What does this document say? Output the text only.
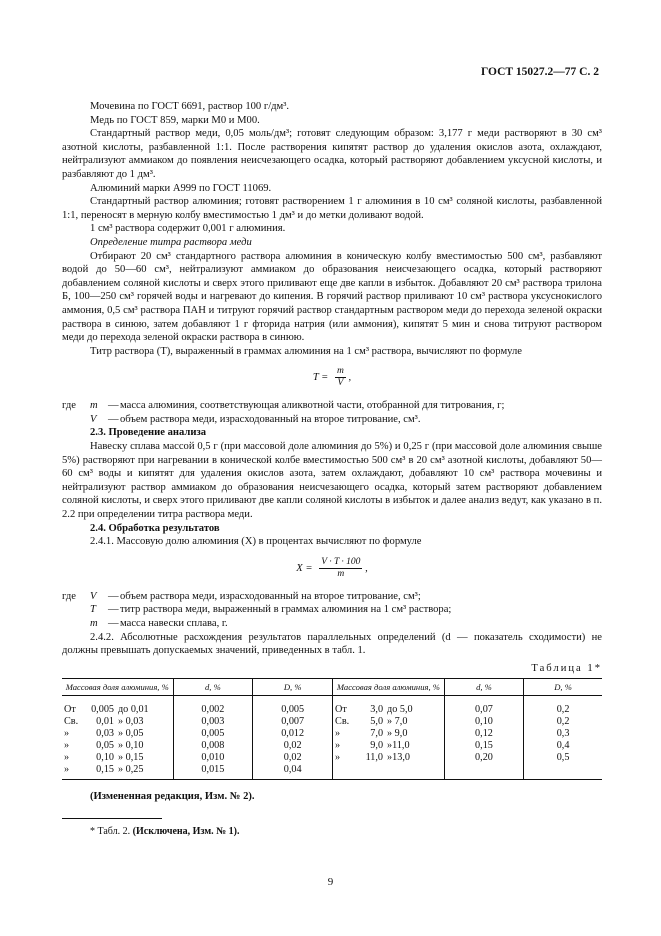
ГОСТ 15027.2—77 С. 2

Мочевина по ГОСТ 6691, раствор 100 г/дм³.

Медь по ГОСТ 859, марки М0 и М00.

Стандартный раствор меди, 0,05 моль/дм³; готовят следующим образом: 3,177 г меди растворяют в 30 см³ азотной кислоты, разбавленной 1:1. После растворения кипятят раствор до удаления окислов азота, охлаждают, нейтрализуют аммиаком до появления неисчезающего осадка, который растворяют добавлением уксусной кислоты, и разбавляют до 1 дм³.

Алюминий марки А999 по ГОСТ 11069.

Стандартный раствор алюминия; готовят растворением 1 г алюминия в 10 см³ соляной кислоты, разбавленной 1:1, переносят в мерную колбу вместимостью 1 дм³ и до метки доливают водой.

1 см³ раствора содержит 0,001 г алюминия.

Определение титра раствора меди

Отбирают 20 см³ стандартного раствора алюминия в коническую колбу вместимостью 500 см³, разбавляют водой до 50—60 см³, нейтрализуют аммиаком до образования неисчезающего осадка, который растворяют добавлением соляной кислоты и сверх этого приливают еще две капли в избыток. Добавляют 20 см³ раствора трилона Б, 100—250 см³ горячей воды и нагревают до кипения. В горячий раствор приливают 10 см³ раствора уксуснокислого аммония, 0,5 см³ раствора ПАН и титруют горячий раствор стандартным раствором меди до перехода зеленой окраски раствора в синюю, затем добавляют 1 г фторида натрия (или аммония), кипятят 5 мин и снова титруют раствором меди до перехода зеленой окраски раствора в синюю.

Титр раствора (T), выраженный в граммах алюминия на 1 см³ раствора, вычисляют по формуле

$T = \frac{m}{V}$ ,
где	m — масса алюминия, соответствующая аликвотной части, отобранной для титрования, г;
V	— объем раствора меди, израсходованный на второе титрование, см³.

2.3. Проведение анализа

Навеску сплава массой 0,5 г (при массовой доле алюминия до 5%) и 0,25 г (при массовой доле алюминия свыше 5%) растворяют при нагревании в конической колбе вместимостью 500 см³ в 20 см³ азотной кислоты, добавляют 50—60 см³ воды и кипятят для удаления окислов азота, затем охлаждают, добавляют 10 см³ раствора мочевины и нейтрализуют раствор аммиаком до образования неисчезающего осадка, который затем растворяют добавлением соляной кислоты, и сверх этого приливают две капли соляной кислоты в избыток и далее анализ ведут, как указано в п. 2.2 при определении титра раствора меди.

2.4. Обработка результатов

2.4.1. Массовую долю алюминия (X) в процентах вычисляют по формуле

$X = \frac{V \cdot T \cdot 100}{m}$ ,
где	V	— объем раствора меди, израсходованный на второе титрование, см³;
T	— титр раствора меди, выраженный в граммах алюминия на 1 см³ раствора;
m — масса навески сплава, г.

2.4.2. Абсолютные расхождения результатов параллельных определений (d — показатель сходимости) не должны превышать допускаемых значений, приведенных в табл. 1.

Таблица 1*
Массовая доля алюминия, %	d, %	D, %	Массовая доля алюминия, %	d, %	D, %

От 0,005 до 0,01	0,002	0,005	От 3,0 до 5,0	0,07	0,2

Св. 0,01 » 0,03	0,003	0,007	Св. 5,0 » 7,0	0,10	0,2

» 0,03 » 0,05	0,005	0,012	» 7,0 » 9,0	0,12	0,3

» 0,05 » 0,10	0,008	0,02	» 9,0 »11,0	0,15	0,4

» 0,10 » 0,15	0,010	0,02	» 11,0 »13,0	0,20	0,5

» 0,15 » 0,25	0,015	0,04			

(Измененная редакция, Изм. № 2).

* Табл. 2. (Исключена, Изм. № 1).
9
